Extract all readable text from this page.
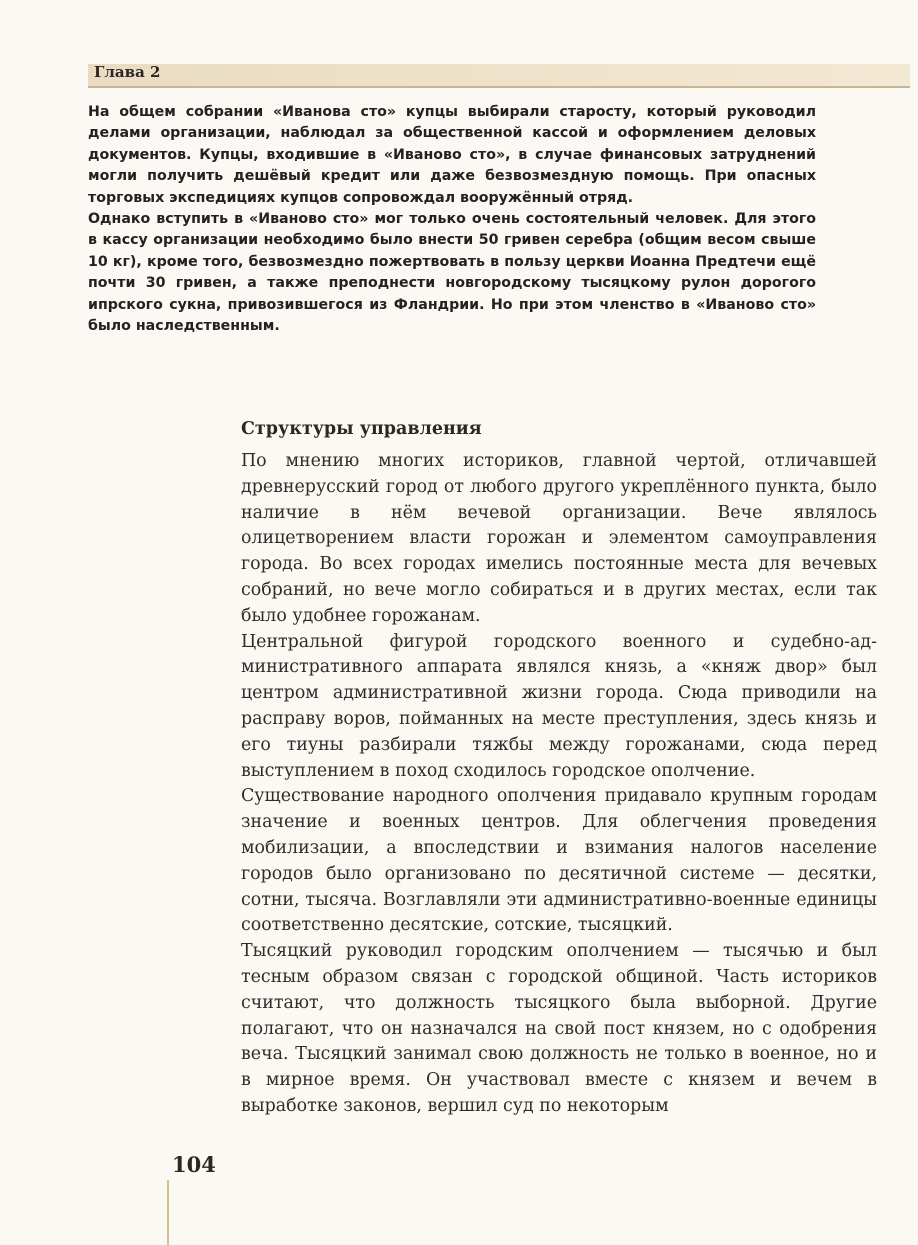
Глава 2

На общем собрании «Иванова сто» купцы выбирали старосту, который руководил делами организации, наблюдал за общественной кассой и оформлением деловых документов. Купцы, входившие в «Иваново сто», в случае финансовых затруднений могли получить дешёвый кредит или даже безвозмездную помощь. При опасных торговых экспедициях купцов сопровождал вооружённый отряд.

Однако вступить в «Иваново сто» мог только очень состоятельный человек. Для этого в кассу организации необходимо было внести 50 гривен серебра (общим весом свыше 10 кг), кроме того, безвозмездно пожертвовать в пользу церкви Иоанна Предтечи ещё почти 30 гривен, а также преподнести новгородскому тысяцкому рулон дорогого ипрского сукна, привозившегося из Фландрии. Но при этом членство в «Иваново сто» было наследственным.

Структуры управления

По мнению многих историков, главной чертой, отличавшей древнерусский город от любого другого укреплённого пункта, было наличие в нём вечевой организации. Вече являлось олицетворением власти горожан и элементом самоуправления города. Во всех городах имелись постоянные места для вечевых собраний, но вече могло собираться и в других местах, если так было удобнее горожанам.

Центральной фигурой городского военного и судебно-административного аппарата являлся князь, а «княж двор» был центром административной жизни города. Сюда приводили на расправу воров, пойманных на месте преступления, здесь князь и его тиуны разбирали тяжбы между горожанами, сюда перед выступлением в поход сходилось городское ополчение.

Существование народного ополчения придавало крупным городам значение и военных центров. Для облегчения проведения мобилизации, а впоследствии и взимания налогов население городов было организовано по десятичной системе — десятки, сотни, тысяча. Возглавляли эти административно-военные единицы соответственно десятские, сотские, тысяцкий.

Тысяцкий руководил городским ополчением — тысячью и был тесным образом связан с городской общиной. Часть историков считают, что должность тысяцкого была выборной. Другие полагают, что он назначался на свой пост князем, но с одобрения веча. Тысяцкий занимал свою должность не только в военное, но и в мирное время. Он участвовал вместе с князем и вечем в выработке законов, вершил суд по некоторым

104
